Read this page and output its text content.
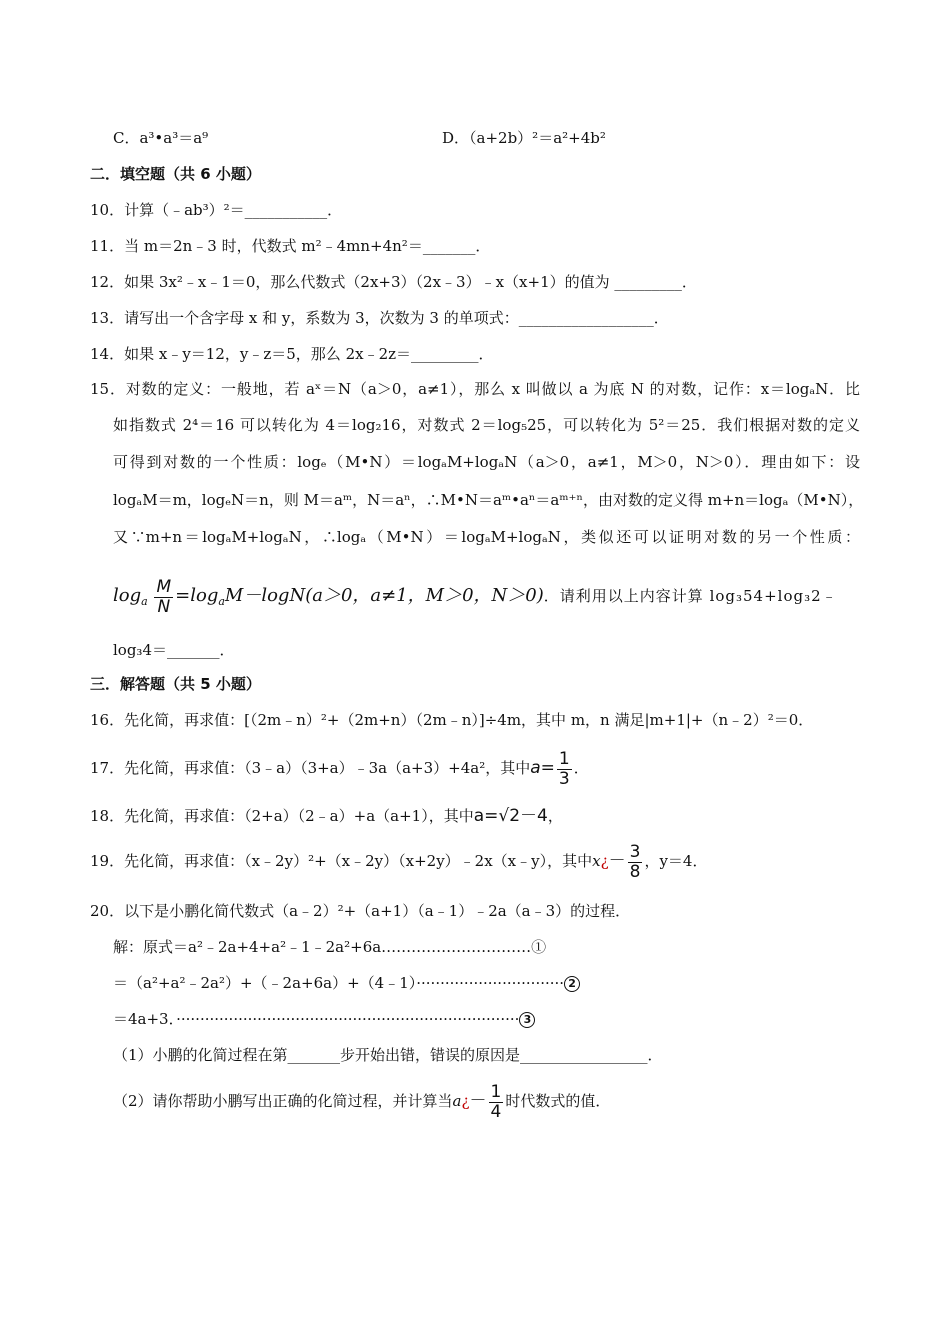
C．a³•a³＝a⁹	D．（a+2b）²＝a²+4b²
二．填空题（共 6 小题）
10．计算（﹣ab³）²＝___________．
11．当 m＝2n﹣3 时，代数式 m²﹣4mn+4n²＝_______．
12．如果 3x²﹣x﹣1＝0，那么代数式（2x+3）（2x﹣3）﹣x（x+1）的值为 _________．
13．请写出一个含字母 x 和 y，系数为 3，次数为 3 的单项式：__________________．
14．如果 x﹣y＝12，y﹣z＝5，那么 2x﹣2z＝_________．
15．对数的定义：一般地，若 aˣ＝N（a＞0，a≠1），那么 x 叫做以 a 为底 N 的对数，记作：x＝logₐN．比
如指数式 2⁴＝16 可以转化为 4＝log₂16，对数式 2＝log₅25，可以转化为 5²＝25．我们根据对数的定义
可得到对数的一个性质：logₑ（M•N）＝logₐM+logₐN（a＞0，a≠1，M＞0，N＞0）．理由如下：设
logₐM＝m，logₑN＝n，则 M＝aᵐ，N＝aⁿ，∴M•N＝aᵐ•aⁿ＝aᵐ⁺ⁿ，由对数的定义得 m+n＝logₐ（M•N），
又∵m+n＝logₐM+logₐN，∴logₐ（M•N）＝logₐM+logₐN，类似还可以证明对数的另一个性质：
$\log_a \frac{M}{N} =\log_aM-\log N(a>0$，a≠1，M＞0，N＞0)．请利用以上内容计算 log₃54+log₃2﹣
log₃4＝_______．
三．解答题（共 5 小题）
16．先化简，再求值：[（2m﹣n）²+（2m+n）（2m﹣n）]÷4m，其中 m，n 满足|m+1|+（n﹣2）²＝0．
17．先化简，再求值：（3﹣a）（3+a）﹣3a（a+3）+4a²，其中$a= \frac{1}{3}$ ．
18．先化简，再求值：（2+a）（2﹣a）+a（a+1），其中a=√2－4，
19．先化简，再求值：（x﹣2y）²+（x﹣2y）（x+2y）﹣2x（x﹣y），其中x¿－ $\frac{3}{8}$ ，y＝4．
20．以下是小鹏化简代数式（a﹣2）²+（a+1）（a﹣1）﹣2a（a﹣3）的过程．
解：原式＝a²﹣2a+4+a²﹣1﹣2a²+6a…………………………①
＝（a²+a²﹣2a²）+（﹣2a+6a）+（4﹣1）······························· 2
＝4a+3．········································································ 3
（1）小鹏的化简过程在第_______步开始出错，错误的原因是_________________．
（2）请你帮助小鹏写出正确的化简过程，并计算当a¿－ $\frac{1}{4}$ 时代数式的值．
